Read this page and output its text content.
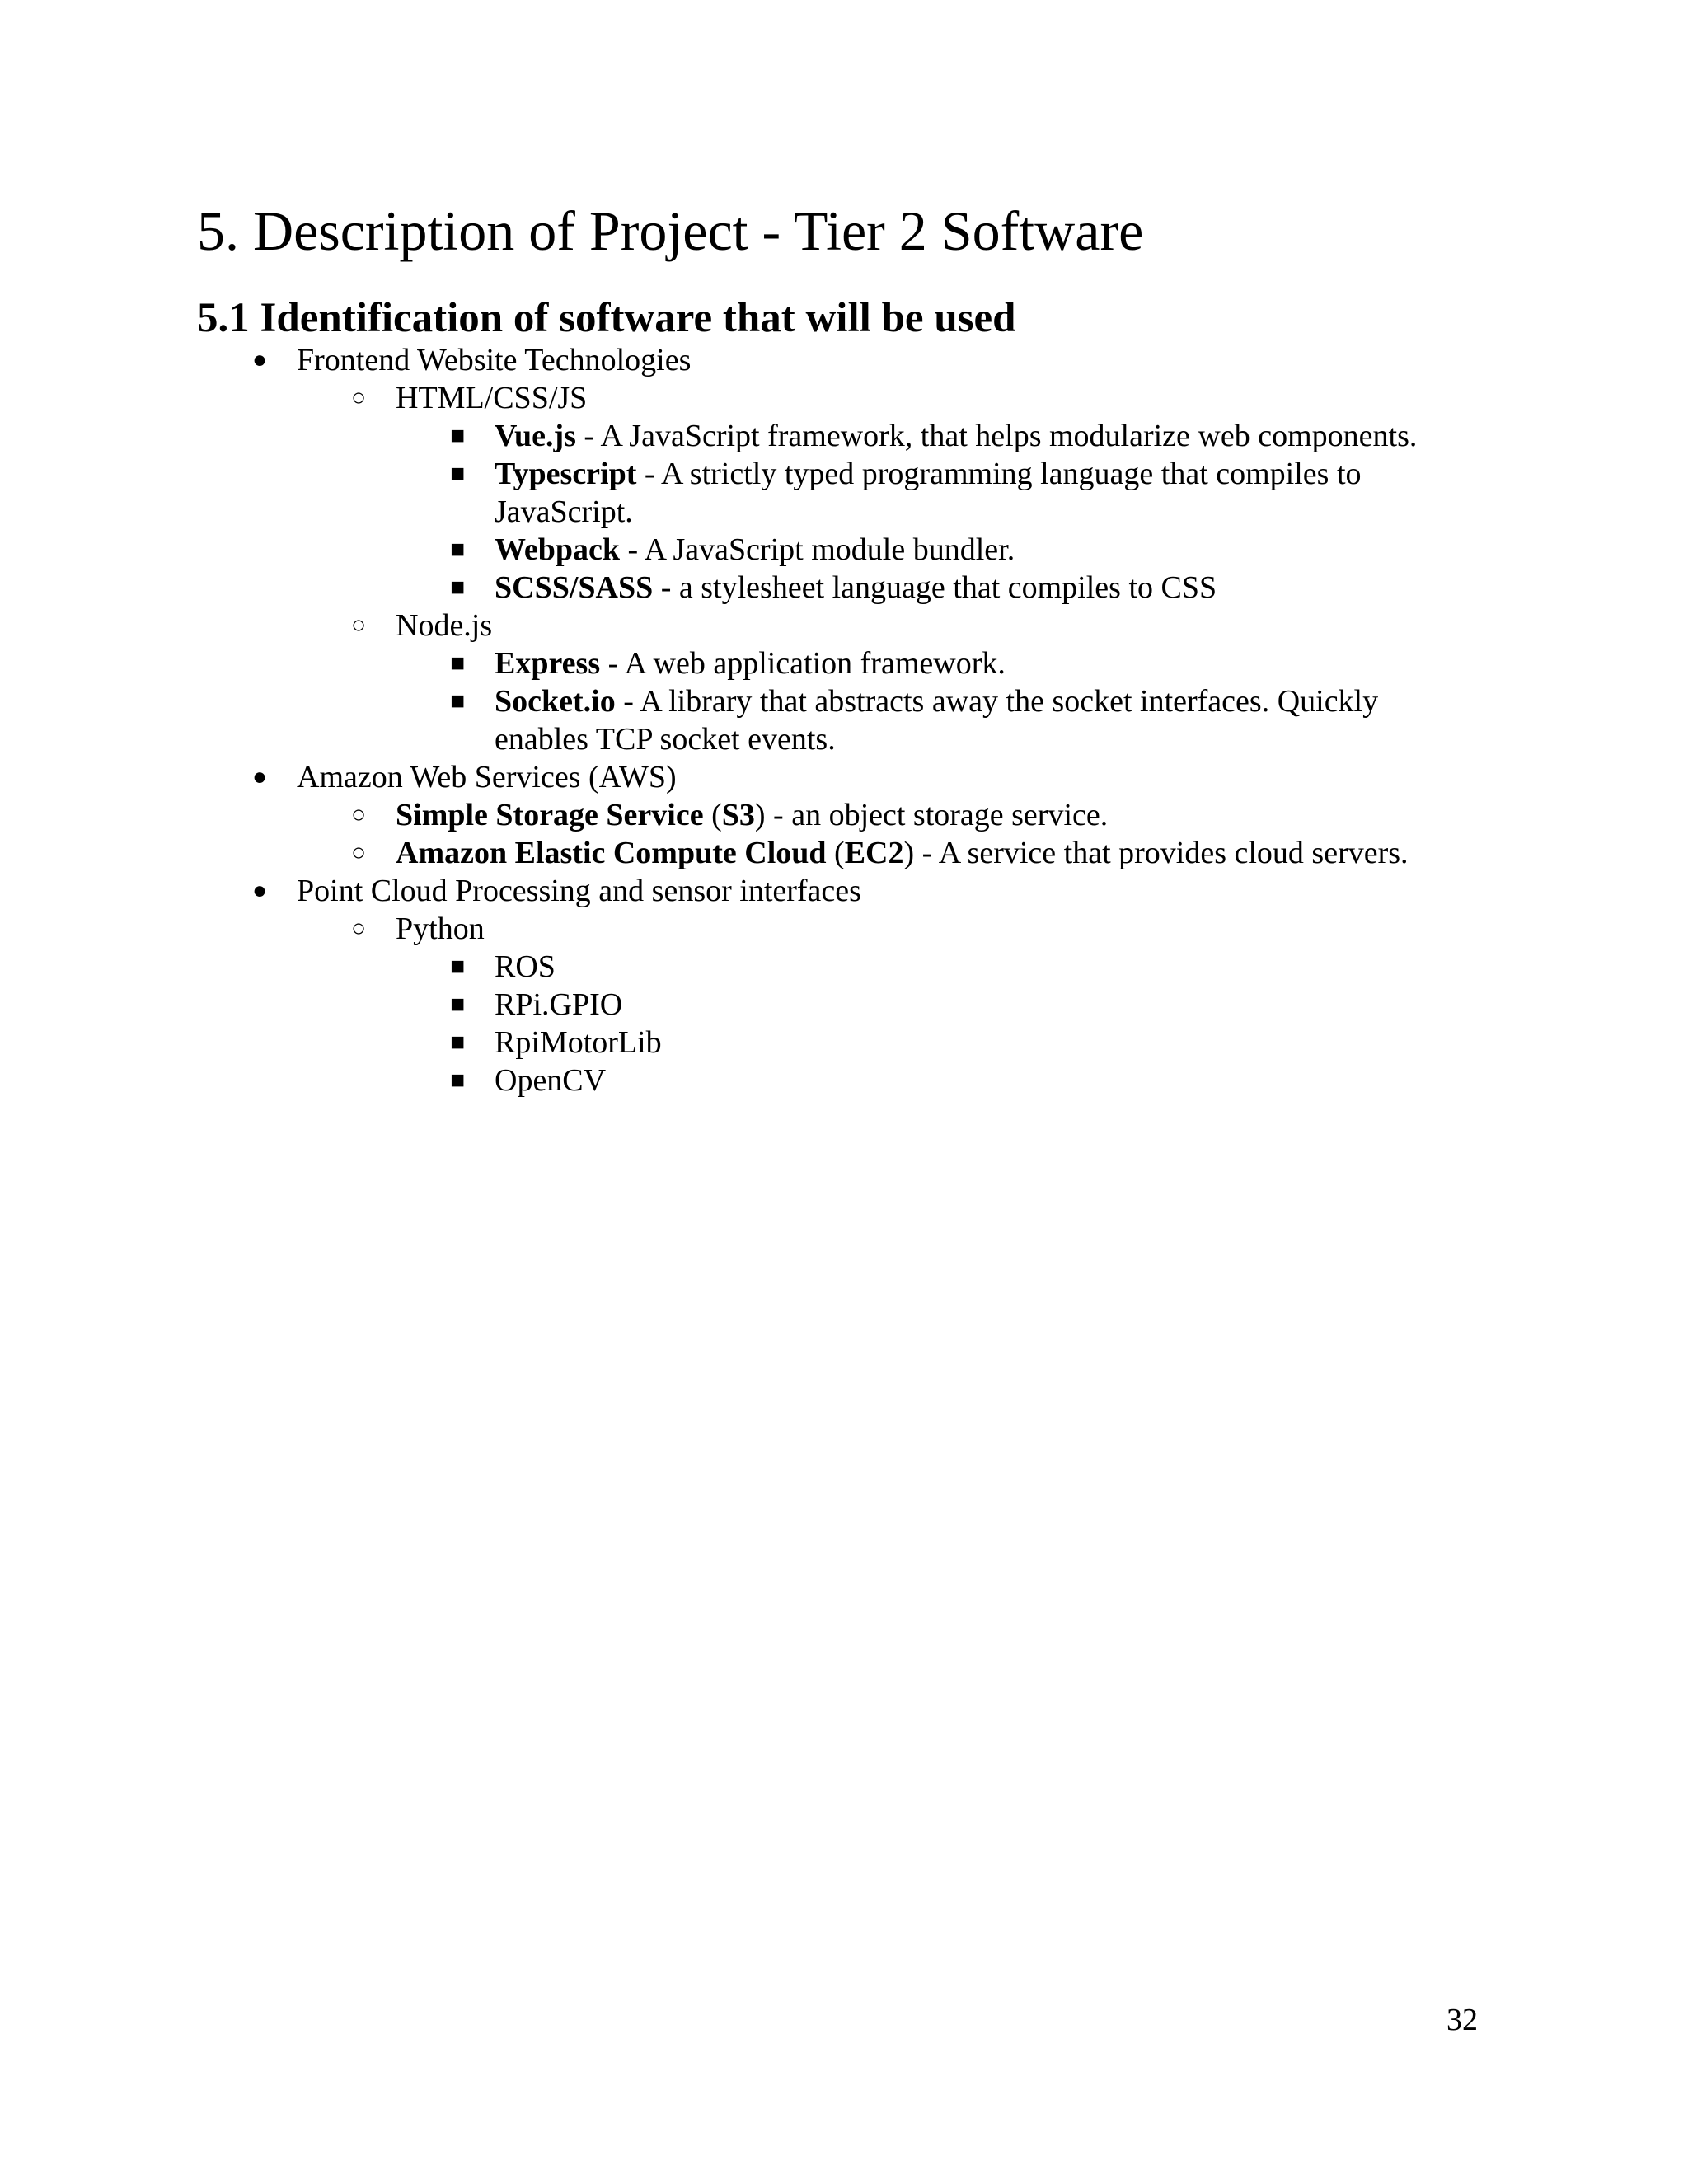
5. Description of Project - Tier 2 Software
5.1 Identification of software that will be used
● Frontend Website Technologies
○ HTML/CSS/JS
■ Vue.js - A JavaScript framework, that helps modularize web components.
■ Typescript - A strictly typed programming language that compiles to
JavaScript.
■ Webpack - A JavaScript module bundler.
■ SCSS/SASS - a stylesheet language that compiles to CSS
○ Node.js
■ Express - A web application framework.
■ Socket.io - A library that abstracts away the socket interfaces. Quickly
enables TCP socket events.
● Amazon Web Services (AWS)
○ Simple Storage Service (S3) - an object storage service.
○ Amazon Elastic Compute Cloud (EC2) - A service that provides cloud servers.
● Point Cloud Processing and sensor interfaces
○ Python
■ ROS
■ RPi.GPIO
■ RpiMotorLib
■ OpenCV
32
